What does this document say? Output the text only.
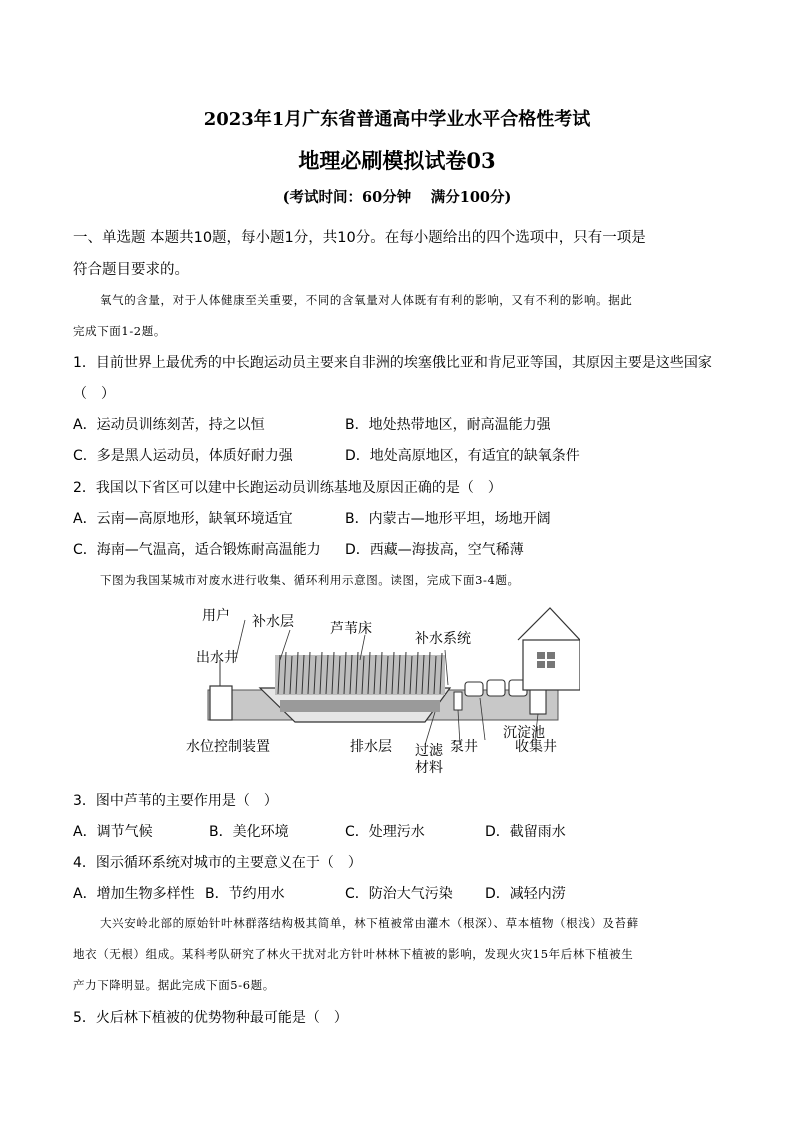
2023年1月广东省普通高中学业水平合格性考试
地理必刷模拟试卷03
(考试时间：60分钟　 满分100分)
一、单选题 本题共10题，每小题1分，共10分。在每小题给出的四个选项中，只有一项是
符合题目要求的。
氧气的含量，对于人体健康至关重要，不同的含氧量对人体既有有利的影响，又有不利的影响。据此
完成下面1-2题。
1．目前世界上最优秀的中长跑运动员主要来自非洲的埃塞俄比亚和肯尼亚等国，其原因主要是这些国家
（　）
A．运动员训练刻苦，持之以恒	B．地处热带地区，耐高温能力强
C．多是黑人运动员，体质好耐力强	D．地处高原地区，有适宜的缺氧条件
2．我国以下省区可以建中长跑运动员训练基地及原因正确的是（　）
A．云南—高原地形，缺氧环境适宜	B．内蒙古—地形平坦，场地开阔
C．海南—气温高，适合锻炼耐高温能力 D．西藏—海拔高，空气稀薄
下图为我国某城市对废水进行收集、循环利用示意图。读图，完成下面3-4题。
用户 补水层	芦苇床
补水系统
出水井
水位控制装置	排水层 过滤
材料
泵井
沉淀池
收集井
3．图中芦苇的主要作用是（　）
A．调节气候	B．美化环境	C．处理污水	D．截留雨水
4．图示循环系统对城市的主要意义在于（　）
A．增加生物多样性 B．节约用水	C．防治大气污染 D．减轻内涝
大兴安岭北部的原始针叶林群落结构极其简单，林下植被常由灌木（根深）、草本植物（根浅）及苔藓
地衣（无根）组成。某科考队研究了林火干扰对北方针叶林林下植被的影响，发现火灾15年后林下植被生
产力下降明显。据此完成下面5-6题。
5．火后林下植被的优势物种最可能是（　）
